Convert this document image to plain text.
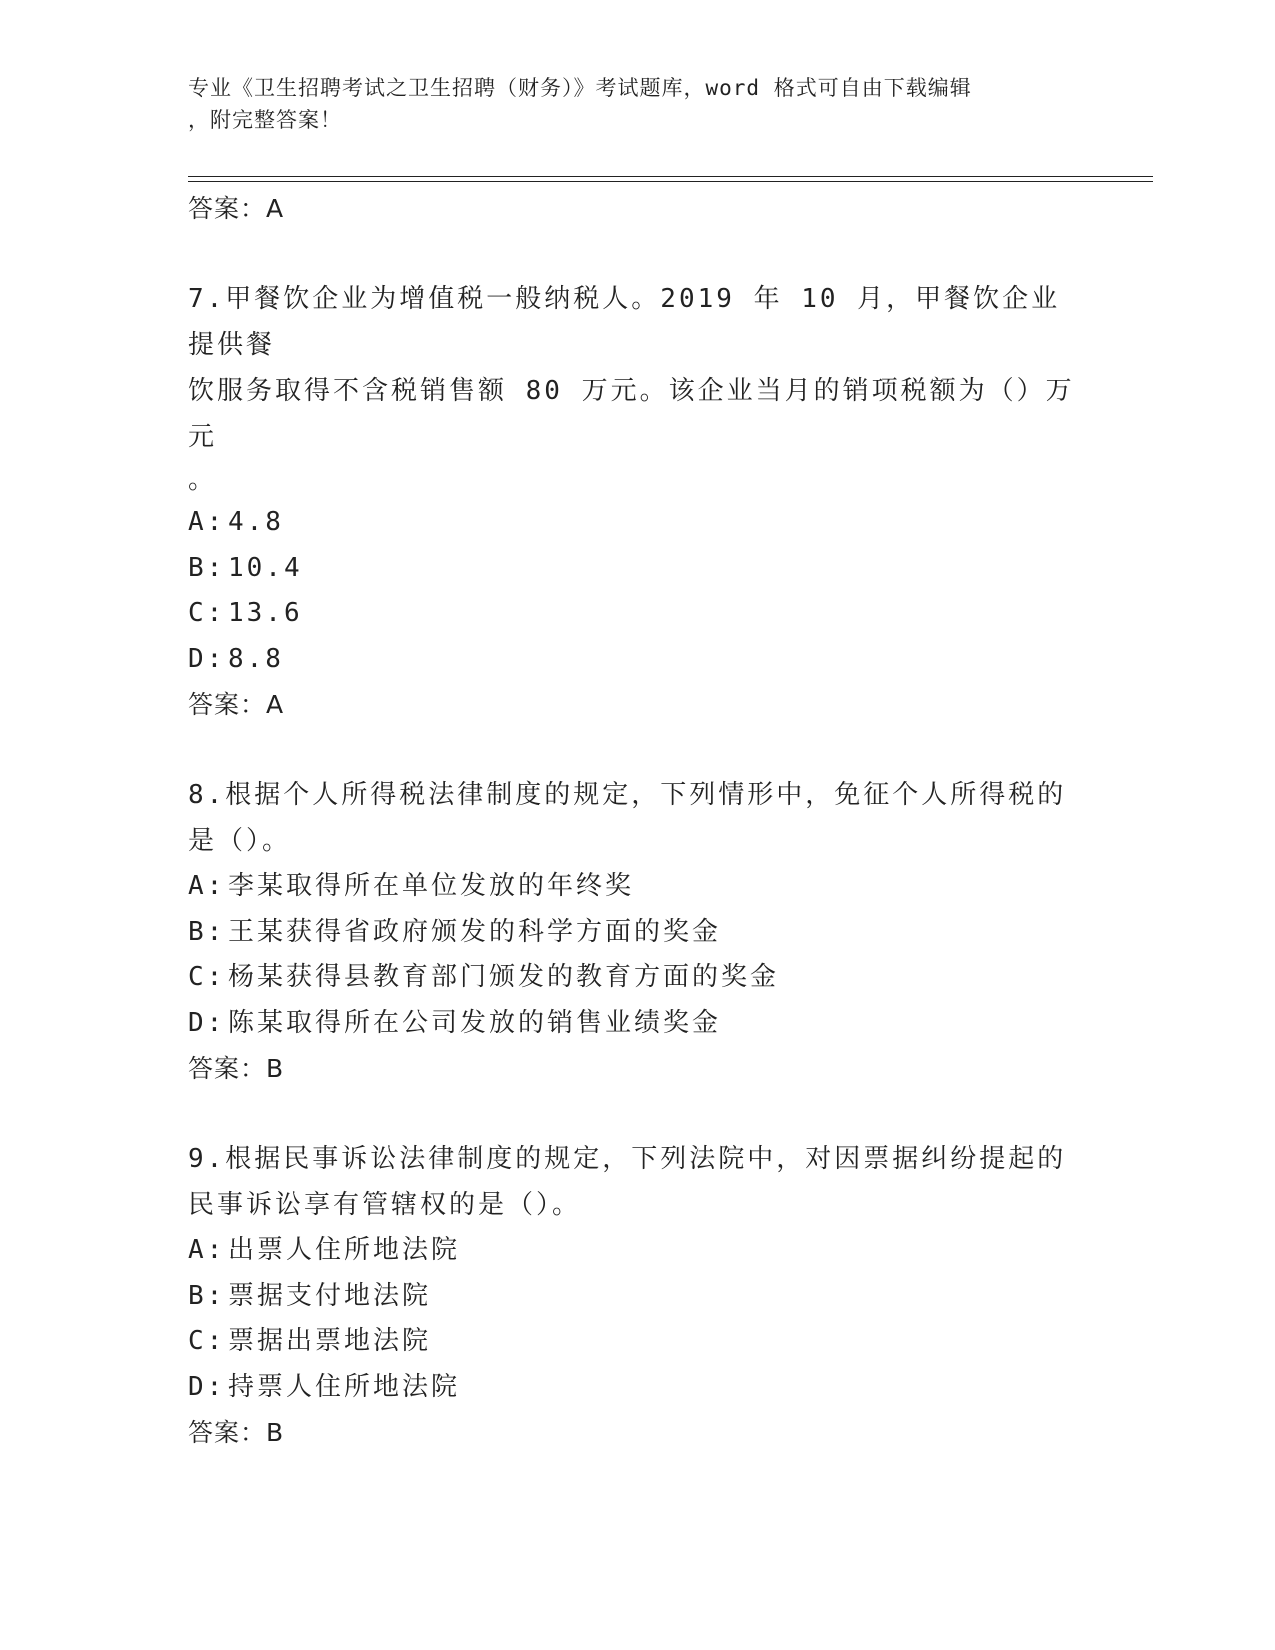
专业《卫生招聘考试之卫生招聘（财务）》考试题库，word 格式可自由下载编辑
，附完整答案！
答案：A
7.甲餐饮企业为增值税一般纳税人。2019 年 10 月，甲餐饮企业提供餐
饮服务取得不含税销售额 80 万元。该企业当月的销项税额为（）万元
。
A: 4.8
B: 10.4
C: 13.6
D: 8.8
答案：A
8.根据个人所得税法律制度的规定，下列情形中，免征个人所得税的
是（）。
A: 李某取得所在单位发放的年终奖
B: 王某获得省政府颁发的科学方面的奖金
C: 杨某获得县教育部门颁发的教育方面的奖金
D: 陈某取得所在公司发放的销售业绩奖金
答案：B
9.根据民事诉讼法律制度的规定，下列法院中，对因票据纠纷提起的
民事诉讼享有管辖权的是（）。
A: 出票人住所地法院
B: 票据支付地法院
C: 票据出票地法院
D: 持票人住所地法院
答案：B
